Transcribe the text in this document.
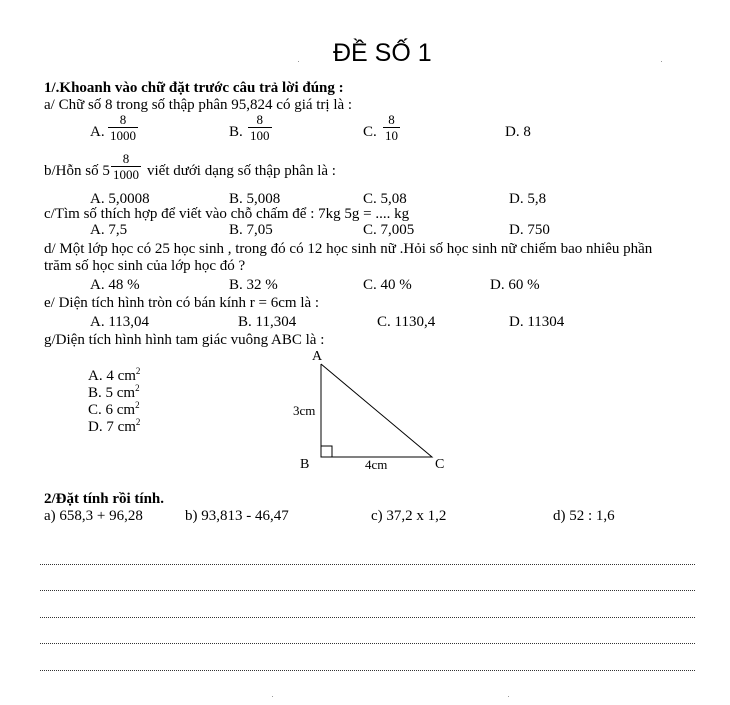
ĐỀ SỐ 1
1/.Khoanh vào chữ đặt trước câu trả lời đúng :
a/ Chữ số 8 trong số thập phân 95,824 có giá trị là :
A. $\frac{8}{1000}$	B. $\frac{8}{100}$	C. $\frac{8}{10}$	D. 8
b/Hỗn số $5 \frac{8}{1000}$ viết dưới dạng số thập phân là :
A. 5,0008	B. 5,008	C. 5,08	D. 5,8
c/Tìm số thích hợp để viết vào chỗ chấm để : 7kg 5g = .... kg
A. 7,5	B. 7,05	C. 7,005	D. 750
d/ Một lớp học có 25 học sinh , trong đó có 12 học sinh nữ .Hỏi số học sinh nữ chiếm bao nhiêu phần
trăm số học sinh của lớp học đó ?
A. 48 %	B. 32 %	C. 40 %	D. 60 %
e/ Diện tích hình tròn có bán kính r = 6cm là :
A. 113,04	B. 11,304	C. 1130,4	D. 11304
g/Diện tích hình hình tam giác vuông ABC là :
A. 4 $cm^2$
B. 5 $cm^2$
C. 6 $cm^2$
D. 7 $cm^2$
A
B	C
3cm
4cm
2/Đặt tính rồi tính.
a) 658,3 + 96,28	b) 93,813 - 46,47	c) 37,2 x 1,2	d) 52 : 1,6
